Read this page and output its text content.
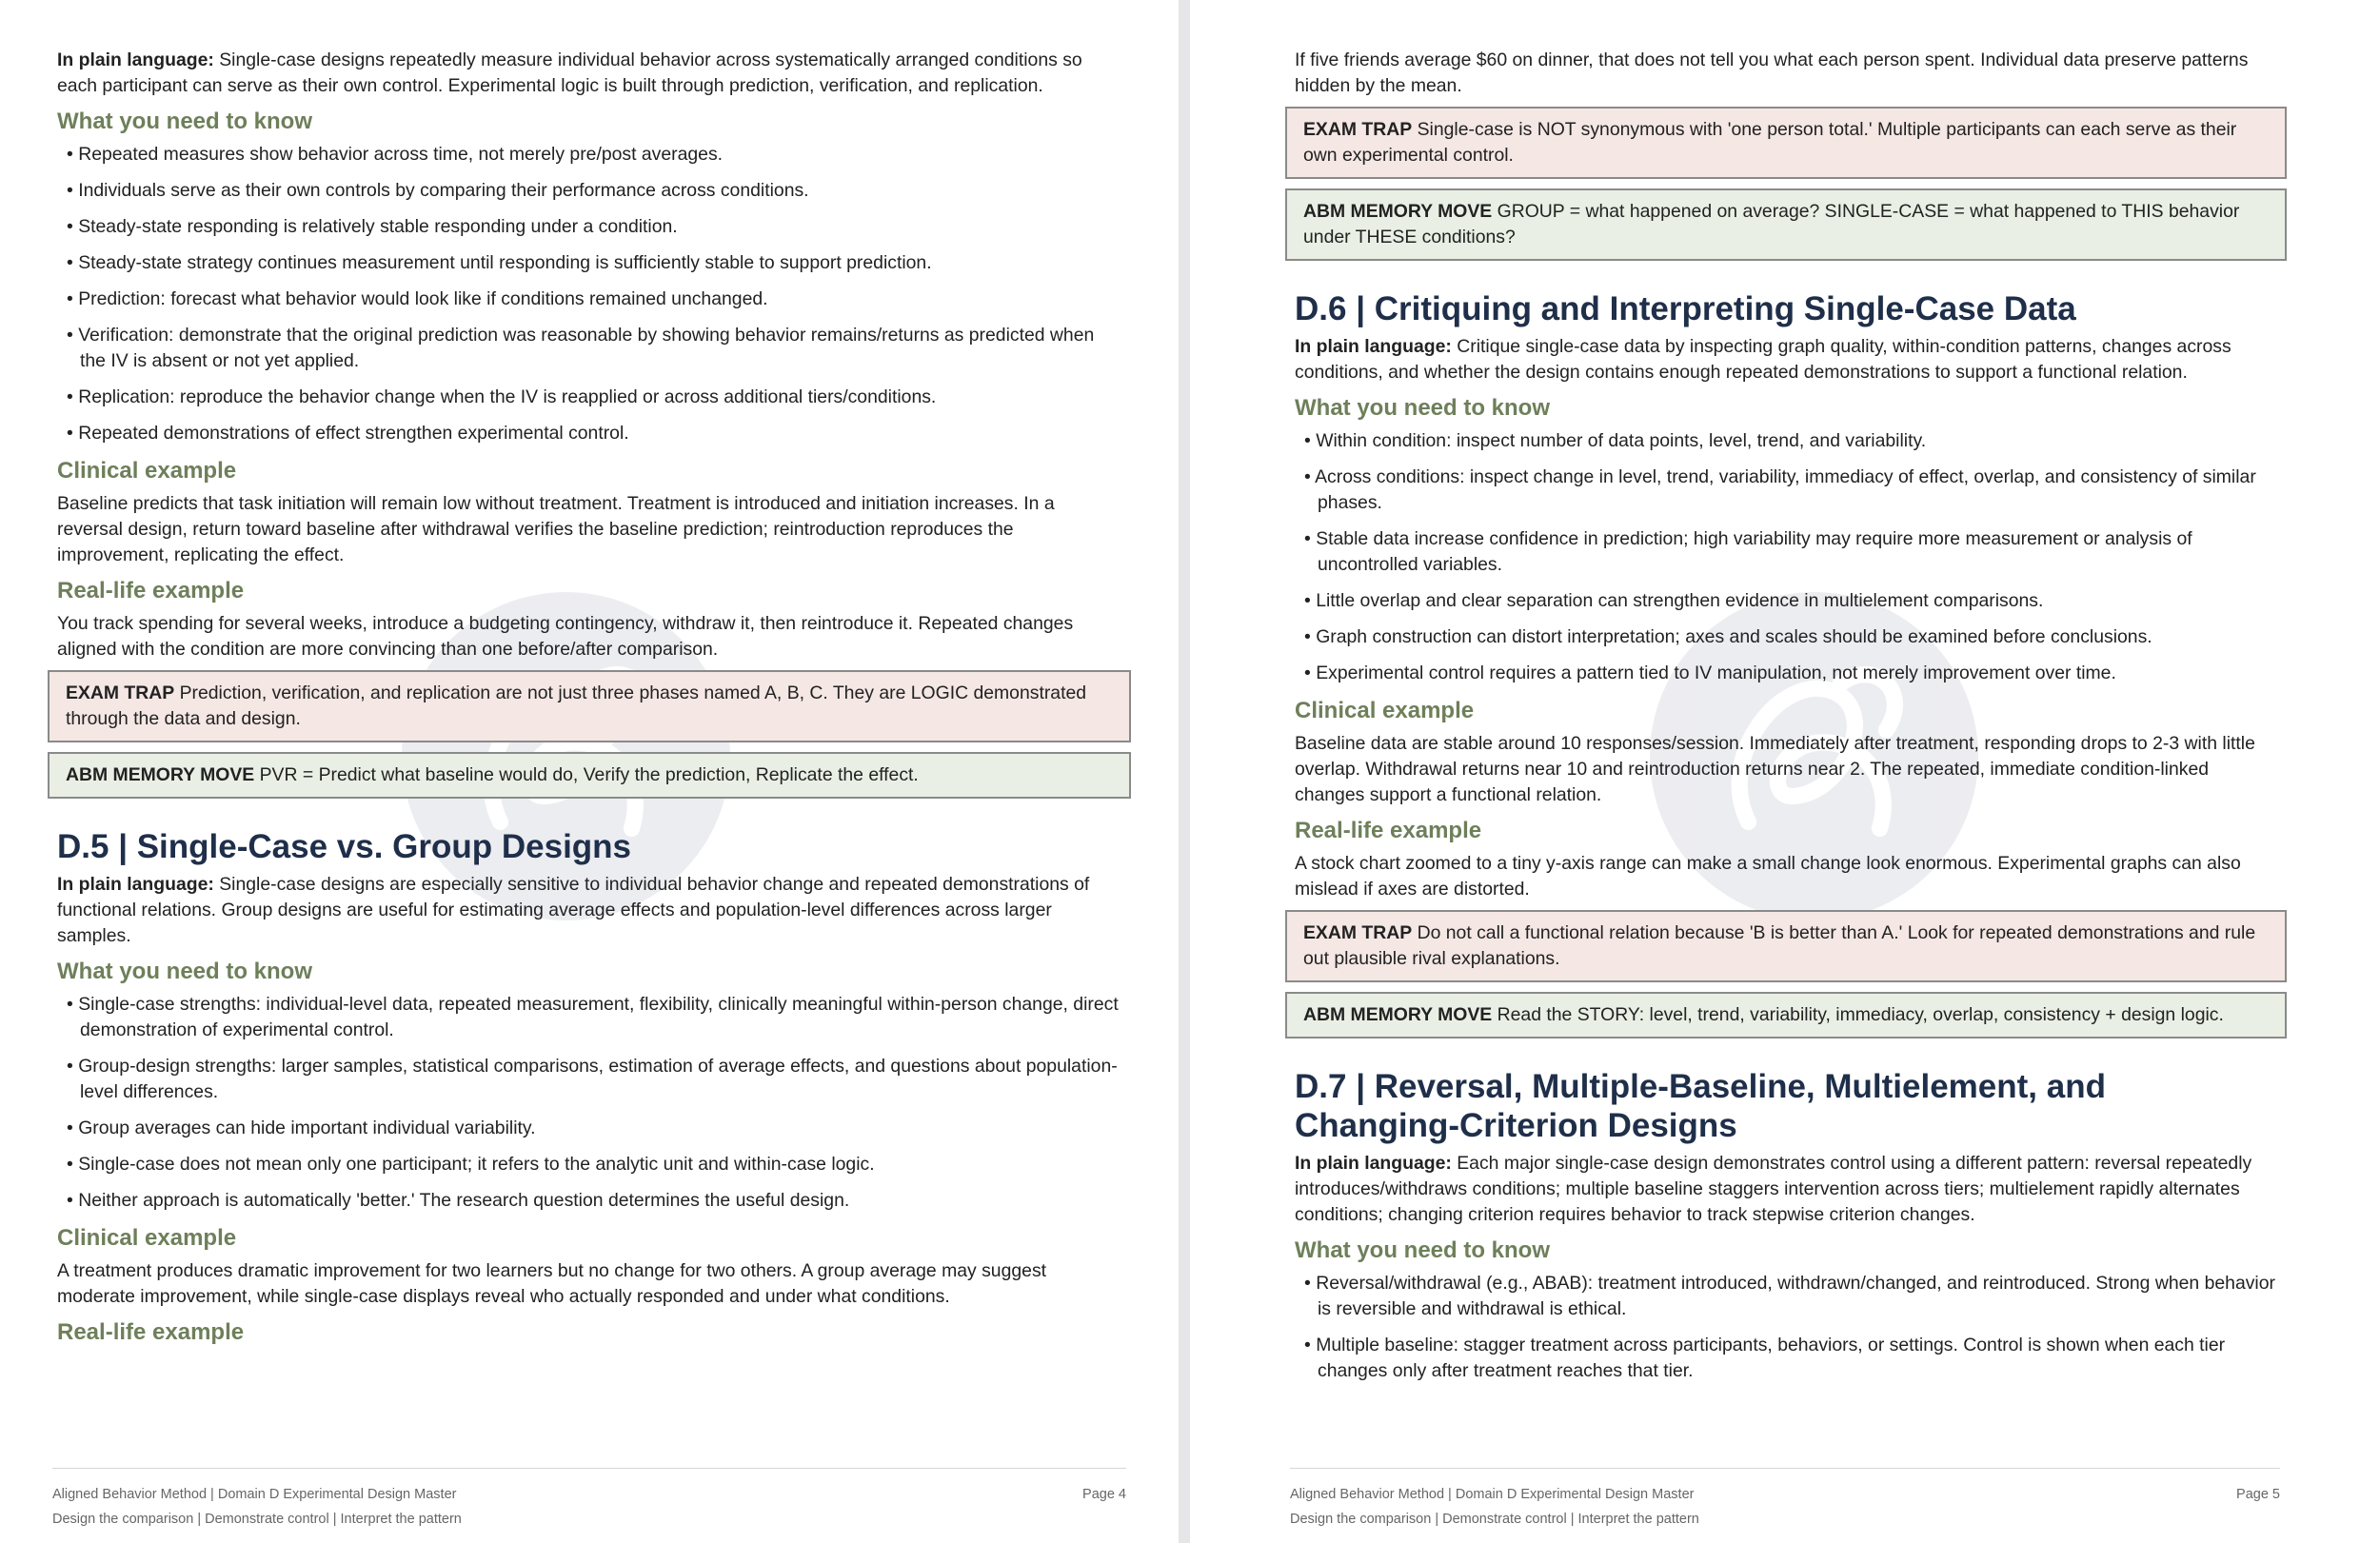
In plain language: Single-case designs repeatedly measure individual behavior across systematically arranged conditions so each participant can serve as their own control. Experimental logic is built through prediction, verification, and replication.

What you need to know
• Repeated measures show behavior across time, not merely pre/post averages.
• Individuals serve as their own controls by comparing their performance across conditions.
• Steady-state responding is relatively stable responding under a condition.
• Steady-state strategy continues measurement until responding is sufficiently stable to support prediction.
• Prediction: forecast what behavior would look like if conditions remained unchanged.
• Verification: demonstrate that the original prediction was reasonable by showing behavior remains/returns as predicted when the IV is absent or not yet applied.
• Replication: reproduce the behavior change when the IV is reapplied or across additional tiers/conditions.
• Repeated demonstrations of effect strengthen experimental control.
Clinical example

Baseline predicts that task initiation will remain low without treatment. Treatment is introduced and initiation increases. In a reversal design, return toward baseline after withdrawal verifies the baseline prediction; reintroduction reproduces the improvement, replicating the effect.

Real-life example

You track spending for several weeks, introduce a budgeting contingency, withdraw it, then reintroduce it. Repeated changes aligned with the condition are more convincing than one before/after comparison.

EXAM TRAP Prediction, verification, and replication are not just three phases named A, B, C. They are LOGIC demonstrated through the data and design.
ABM MEMORY MOVE PVR = Predict what baseline would do, Verify the prediction, Replicate the effect.
D.5 | Single-Case vs. Group Designs

In plain language: Single-case designs are especially sensitive to individual behavior change and repeated demonstrations of functional relations. Group designs are useful for estimating average effects and population-level differences across larger samples.

What you need to know
• Single-case strengths: individual-level data, repeated measurement, flexibility, clinically meaningful within-person change, direct demonstration of experimental control.
• Group-design strengths: larger samples, statistical comparisons, estimation of average effects, and questions about population-level differences.
• Group averages can hide important individual variability.
• Single-case does not mean only one participant; it refers to the analytic unit and within-case logic.
• Neither approach is automatically 'better.' The research question determines the useful design.
Clinical example

A treatment produces dramatic improvement for two learners but no change for two others. A group average may suggest moderate improvement, while single-case displays reveal who actually responded and under what conditions.

Real-life example
Aligned Behavior Method | Domain D Experimental Design Master	Page 4
Design the comparison | Demonstrate control | Interpret the pattern

If five friends average $60 on dinner, that does not tell you what each person spent. Individual data preserve patterns hidden by the mean.

EXAM TRAP Single-case is NOT synonymous with 'one person total.' Multiple participants can each serve as their own experimental control.
ABM MEMORY MOVE GROUP = what happened on average? SINGLE-CASE = what happened to THIS behavior under THESE conditions?
D.6 | Critiquing and Interpreting Single-Case Data

In plain language: Critique single-case data by inspecting graph quality, within-condition patterns, changes across conditions, and whether the design contains enough repeated demonstrations to support a functional relation.

What you need to know
• Within condition: inspect number of data points, level, trend, and variability.
• Across conditions: inspect change in level, trend, variability, immediacy of effect, overlap, and consistency of similar phases.
• Stable data increase confidence in prediction; high variability may require more measurement or analysis of uncontrolled variables.
• Little overlap and clear separation can strengthen evidence in multielement comparisons.
• Graph construction can distort interpretation; axes and scales should be examined before conclusions.
• Experimental control requires a pattern tied to IV manipulation, not merely improvement over time.
Clinical example

Baseline data are stable around 10 responses/session. Immediately after treatment, responding drops to 2-3 with little overlap. Withdrawal returns near 10 and reintroduction returns near 2. The repeated, immediate condition-linked changes support a functional relation.

Real-life example

A stock chart zoomed to a tiny y-axis range can make a small change look enormous. Experimental graphs can also mislead if axes are distorted.

EXAM TRAP Do not call a functional relation because 'B is better than A.' Look for repeated demonstrations and rule out plausible rival explanations.
ABM MEMORY MOVE Read the STORY: level, trend, variability, immediacy, overlap, consistency + design logic.
D.7 | Reversal, Multiple-Baseline, Multielement, and Changing-Criterion Designs

In plain language: Each major single-case design demonstrates control using a different pattern: reversal repeatedly introduces/withdraws conditions; multiple baseline staggers intervention across tiers; multielement rapidly alternates conditions; changing criterion requires behavior to track stepwise criterion changes.

What you need to know
• Reversal/withdrawal (e.g., ABAB): treatment introduced, withdrawn/changed, and reintroduced. Strong when behavior is reversible and withdrawal is ethical.
• Multiple baseline: stagger treatment across participants, behaviors, or settings. Control is shown when each tier changes only after treatment reaches that tier.
Aligned Behavior Method | Domain D Experimental Design Master	Page 5
Design the comparison | Demonstrate control | Interpret the pattern
